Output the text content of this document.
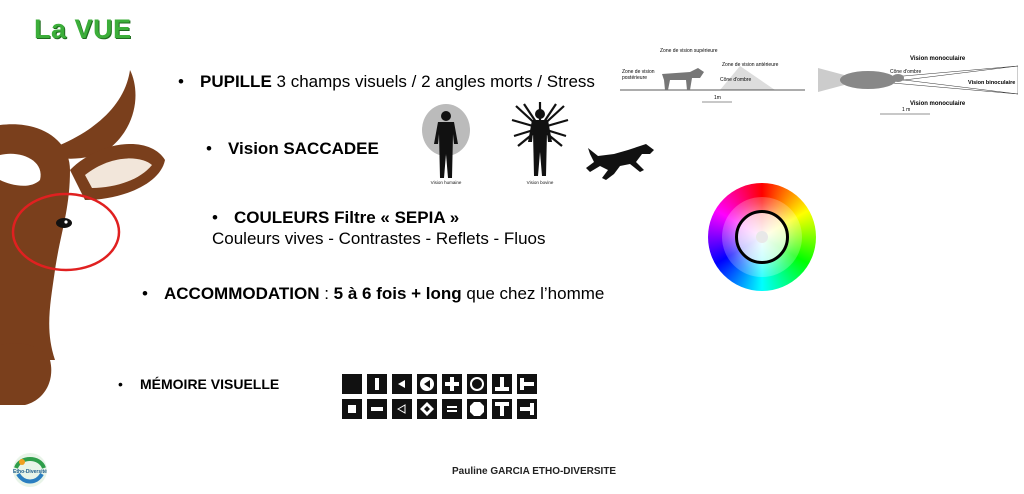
La VUE
• PUPILLE 3 champs visuels / 2 angles morts / Stress
Zone de vision supérieure
Zone de vision
postérieure
Zone de vision antérieure
Cône d'ombre
1m
Vision monoculaire
Cône d'ombre
Vision binoculaire
Vision monoculaire
1 m
• Vision SACCADEE
Vision humaine	Vision bovine
• COULEURS Filtre « SEPIA »
Couleurs vives - Contrastes - Reflets - Fluos
• ACCOMMODATION : 5 à 6 fois + long que chez l’homme
• MÉMOIRE VISUELLE
Etho-Diversité	Pauline GARCIA ETHO-DIVERSITE
